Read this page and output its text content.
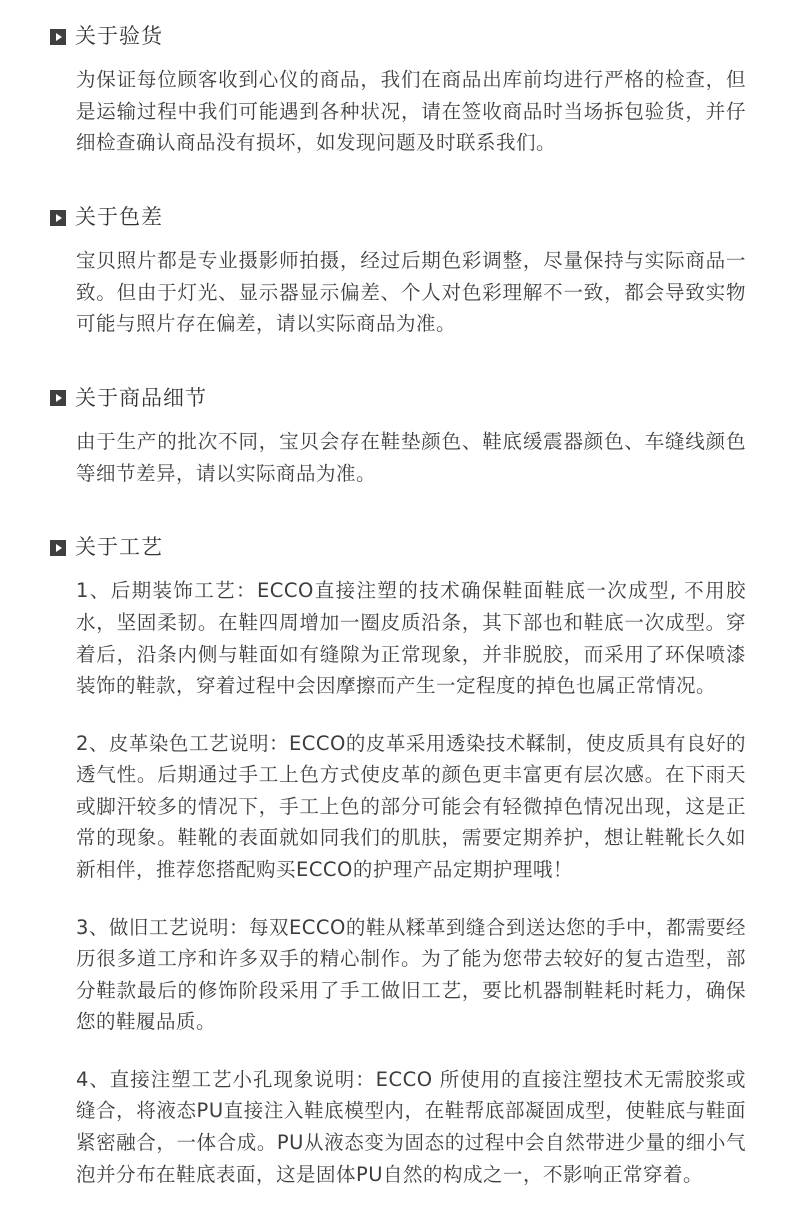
关于验货

为保证每位顾客收到心仪的商品，我们在商品出库前均进行严格的检查，但是运输过程中我们可能遇到各种状况，请在签收商品时当场拆包验货，并仔细检查确认商品没有损坏，如发现问题及时联系我们。

关于色差

宝贝照片都是专业摄影师拍摄，经过后期色彩调整，尽量保持与实际商品一致。但由于灯光、显示器显示偏差、个人对色彩理解不一致，都会导致实物可能与照片存在偏差，请以实际商品为准。

关于商品细节

由于生产的批次不同，宝贝会存在鞋垫颜色、鞋底缓震器颜色、车缝线颜色等细节差异，请以实际商品为准。

关于工艺

1、后期装饰工艺：ECCO直接注塑的技术确保鞋面鞋底一次成型, 不用胶水，坚固柔韧。在鞋四周增加一圈皮质沿条，其下部也和鞋底一次成型。穿着后，沿条内侧与鞋面如有缝隙为正常现象，并非脱胶，而采用了环保喷漆装饰的鞋款，穿着过程中会因摩擦而产生一定程度的掉色也属正常情况。

2、皮革染色工艺说明：ECCO的皮革采用透染技术鞣制，使皮质具有良好的透气性。后期通过手工上色方式使皮革的颜色更丰富更有层次感。在下雨天或脚汗较多的情况下，手工上色的部分可能会有轻微掉色情况出现，这是正常的现象。鞋靴的表面就如同我们的肌肤，需要定期养护，想让鞋靴长久如新相伴，推荐您搭配购买ECCO的护理产品定期护理哦！

3、做旧工艺说明：每双ECCO的鞋从糅革到缝合到送达您的手中，都需要经历很多道工序和许多双手的精心制作。为了能为您带去较好的复古造型，部分鞋款最后的修饰阶段采用了手工做旧工艺，要比机器制鞋耗时耗力，确保您的鞋履品质。

4、直接注塑工艺小孔现象说明：ECCO 所使用的直接注塑技术无需胶浆或缝合，将液态PU直接注入鞋底模型内，在鞋帮底部凝固成型，使鞋底与鞋面紧密融合，一体合成。PU从液态变为固态的过程中会自然带进少量的细小气泡并分布在鞋底表面，这是固体PU自然的构成之一，不影响正常穿着。
